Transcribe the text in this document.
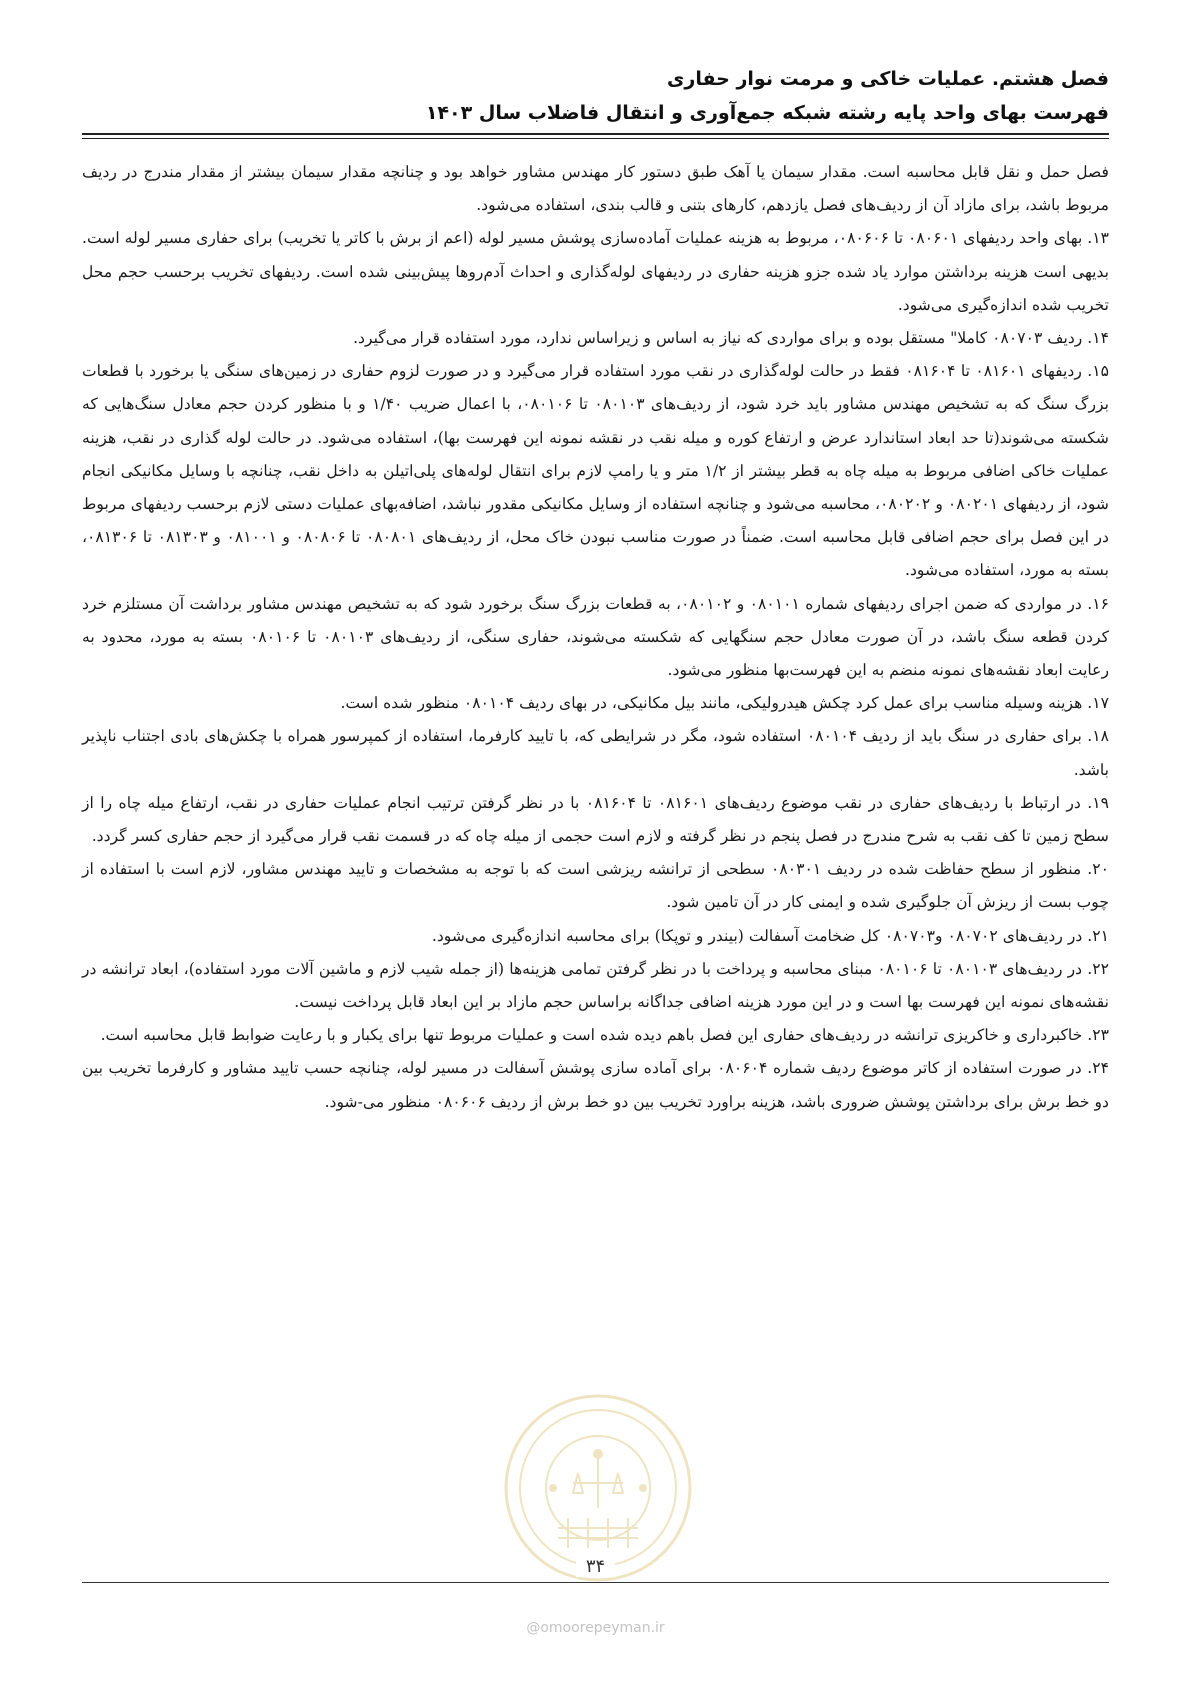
فصل هشتم. عملیات خاکی و مرمت نوار حفاری
فهرست بهای واحد پایه رشته شبکه جمع‌آوری و انتقال فاضلاب سال ۱۴۰۳

فصل حمل و نقل قابل محاسبه است. مقدار سیمان یا آهک طبق دستور کار مهندس مشاور خواهد بود و چنانچه مقدار سیمان بیشتر از مقدار مندرج در ردیف مربوط باشد، برای مازاد آن از ردیف‌های فصل یازدهم، کارهای بتنی و قالب بندی، استفاده می‌شود.

۱۳. بهای واحد ردیفهای ۰۸۰۶۰۱ تا ۰۸۰۶۰۶، مربوط به هزینه عملیات آماده‌سازی پوشش مسیر لوله (اعم از برش با کاتر یا تخریب) برای حفاری مسیر لوله است. بدیهی است هزینه برداشتن موارد یاد شده جزو هزینه حفاری در ردیفهای لوله‌گذاری و احداث آدم‌روها پیش‌بینی شده است. ردیفهای تخریب برحسب حجم محل تخریب شده اندازه‌گیری می‌شود.

۱۴. ردیف ۰۸۰۷۰۳ کاملا" مستقل بوده و برای مواردی که نیاز به اساس و زیراساس ندارد، مورد استفاده قرار می‌گیرد.

۱۵. ردیفهای ۰۸۱۶۰۱ تا ۰۸۱۶۰۴ فقط در حالت لوله‌گذاری در نقب مورد استفاده قرار می‌گیرد و در صورت لزوم حفاری در زمین‌های سنگی یا برخورد با قطعات بزرگ سنگ که به تشخیص مهندس مشاور باید خرد شود، از ردیف‌های ۰۸۰۱۰۳ تا ۰۸۰۱۰۶، با اعمال ضریب ۱/۴۰ و با منظور کردن حجم معادل سنگ‌هایی که شکسته می‌شوند(تا حد ابعاد استاندارد عرض و ارتفاع کوره و میله نقب در نقشه نمونه این فهرست بها)، استفاده می‌شود. در حالت لوله گذاری در نقب، هزینه عملیات خاکی اضافی مربوط به میله چاه به قطر بیشتر از ۱/۲ متر و یا رامپ لازم برای انتقال لوله‌های پلی‌اتیلن به داخل نقب، چنانچه با وسایل مکانیکی انجام شود، از ردیفهای ۰۸۰۲۰۱ و ۰۸۰۲۰۲، محاسبه می‌شود و چنانچه استفاده از وسایل مکانیکی مقدور نباشد، اضافه‌بهای عملیات دستی لازم برحسب ردیفهای مربوط در این فصل برای حجم اضافی قابل محاسبه است. ضمناً در صورت مناسب نبودن خاک محل، از ردیف‌های ۰۸۰۸۰۱ تا ۰۸۰۸۰۶ و ۰۸۱۰۰۱ و ۰۸۱۳۰۳ تا ۰۸۱۳۰۶، بسته به مورد، استفاده می‌شود.

۱۶. در مواردی که ضمن اجرای ردیفهای شماره ۰۸۰۱۰۱ و ۰۸۰۱۰۲، به قطعات بزرگ سنگ برخورد شود که به تشخیص مهندس مشاور برداشت آن مستلزم خرد کردن قطعه سنگ باشد، در آن صورت معادل حجم سنگهایی که شکسته می‌شوند، حفاری سنگی، از ردیف‌های ۰۸۰۱۰۳ تا ۰۸۰۱۰۶ بسته به مورد، محدود به رعایت ابعاد نقشه‌های نمونه منضم به این فهرست‌بها منظور می‌شود.

۱۷. هزینه وسیله مناسب برای عمل کرد چکش هیدرولیکی، مانند بیل مکانیکی، در بهای ردیف ۰۸۰۱۰۴ منظور شده است.

۱۸. برای حفاری در سنگ باید از ردیف ۰۸۰۱۰۴ استفاده شود، مگر در شرایطی که، با تایید کارفرما، استفاده از کمپرسور همراه با چکش‌های بادی اجتناب ناپذیر باشد.

۱۹. در ارتباط با ردیف‌های حفاری در نقب موضوع ردیف‌های ۰۸۱۶۰۱ تا ۰۸۱۶۰۴ با در نظر گرفتن ترتیب انجام عملیات حفاری در نقب، ارتفاع میله چاه را از سطح زمین تا کف نقب به شرح مندرج در فصل پنجم در نظر گرفته و لازم است حجمی از میله چاه که در قسمت نقب قرار می‌گیرد از حجم حفاری کسر گردد.

۲۰. منظور از سطح حفاظت شده در ردیف ۰۸۰۳۰۱ سطحی از ترانشه ریزشی است که با توجه به مشخصات و تایید مهندس مشاور، لازم است با استفاده از چوب بست از ریزش آن جلوگیری شده و ایمنی کار در آن تامین شود.

۲۱. در ردیف‌های ۰۸۰۷۰۲ و۰۸۰۷۰۳ کل ضخامت آسفالت (بیندر و توپکا) برای محاسبه اندازه‌گیری می‌شود.

۲۲. در ردیف‌های ۰۸۰۱۰۳ تا ۰۸۰۱۰۶ مبنای محاسبه و پرداخت با در نظر گرفتن تمامی هزینه‌ها (از جمله شیب لازم و ماشین آلات مورد استفاده)، ابعاد ترانشه در نقشه‌های نمونه این فهرست بها است و در این مورد هزینه اضافی جداگانه براساس حجم مازاد بر این ابعاد قابل پرداخت نیست.

۲۳. خاکبرداری و خاکریزی ترانشه در ردیف‌های حفاری این فصل باهم دیده شده است و عملیات مربوط تنها برای یکبار و با رعایت ضوابط قابل محاسبه است.

۲۴. در صورت استفاده از کاتر موضوع ردیف شماره ۰۸۰۶۰۴ برای آماده سازی پوشش آسفالت در مسیر لوله، چنانچه حسب تایید مشاور و کارفرما تخریب بین دو خط برش برای برداشتن پوشش ضروری باشد، هزینه براورد تخریب بین دو خط برش از ردیف ۰۸۰۶۰۶ منظور می-شود.

۳۴
@omoorepeyman.ir
